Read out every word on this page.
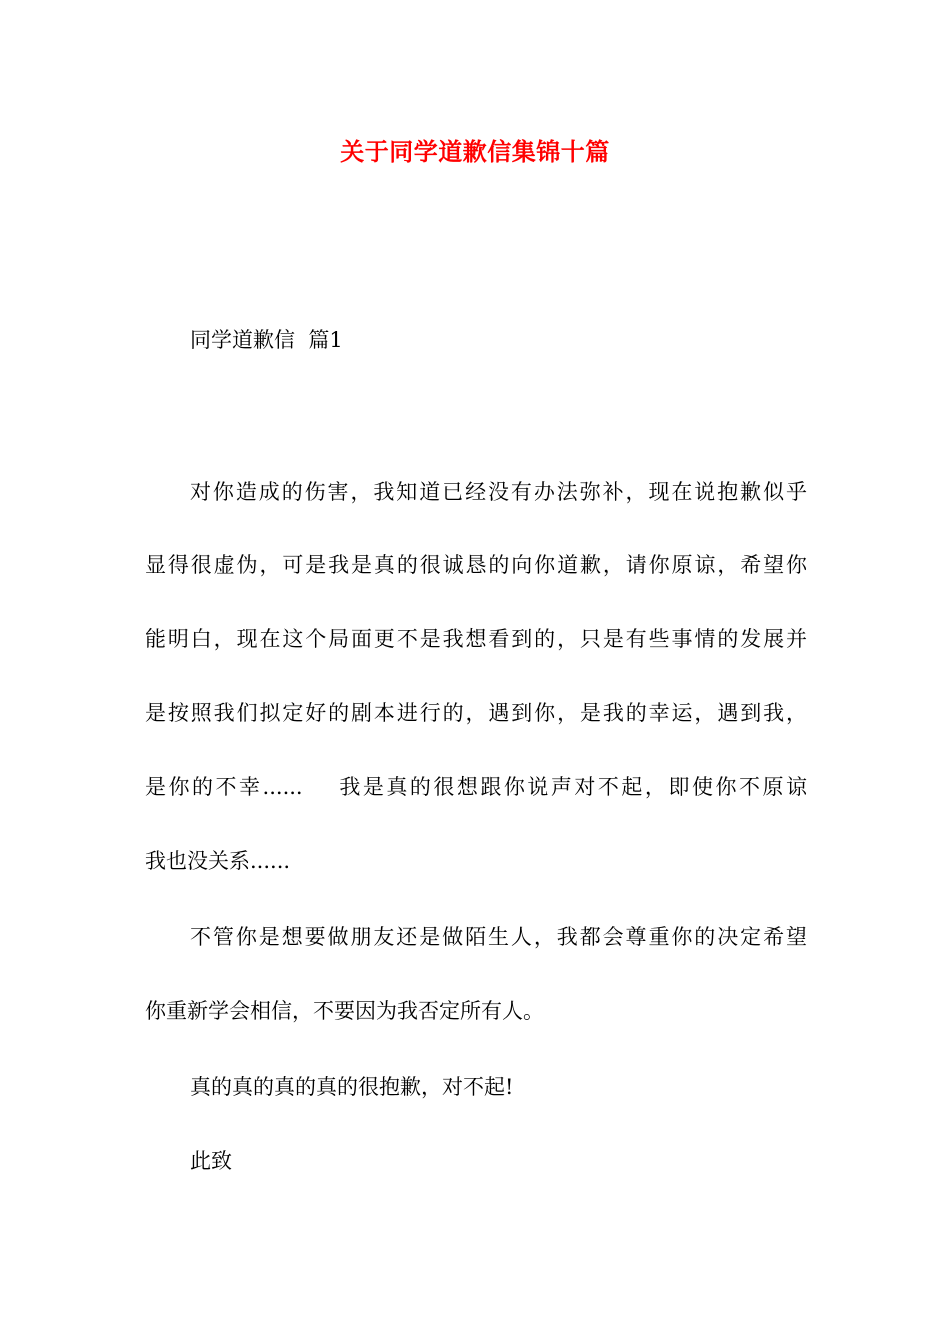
关于同学道歉信集锦十篇
同学道歉信  篇1
对你造成的伤害，我知道已经没有办法弥补，现在说抱歉似乎
显得很虚伪，可是我是真的很诚恳的向你道歉，请你原谅，希望你
能明白，现在这个局面更不是我想看到的，只是有些事情的发展并
是按照我们拟定好的剧本进行的，遇到你，是我的幸运，遇到我，
是你的不幸......    我是真的很想跟你说声对不起，即使你不原谅
我也没关系......
不管你是想要做朋友还是做陌生人，我都会尊重你的决定希望
你重新学会相信，不要因为我否定所有人。
真的真的真的真的很抱歉，对不起!
此致
